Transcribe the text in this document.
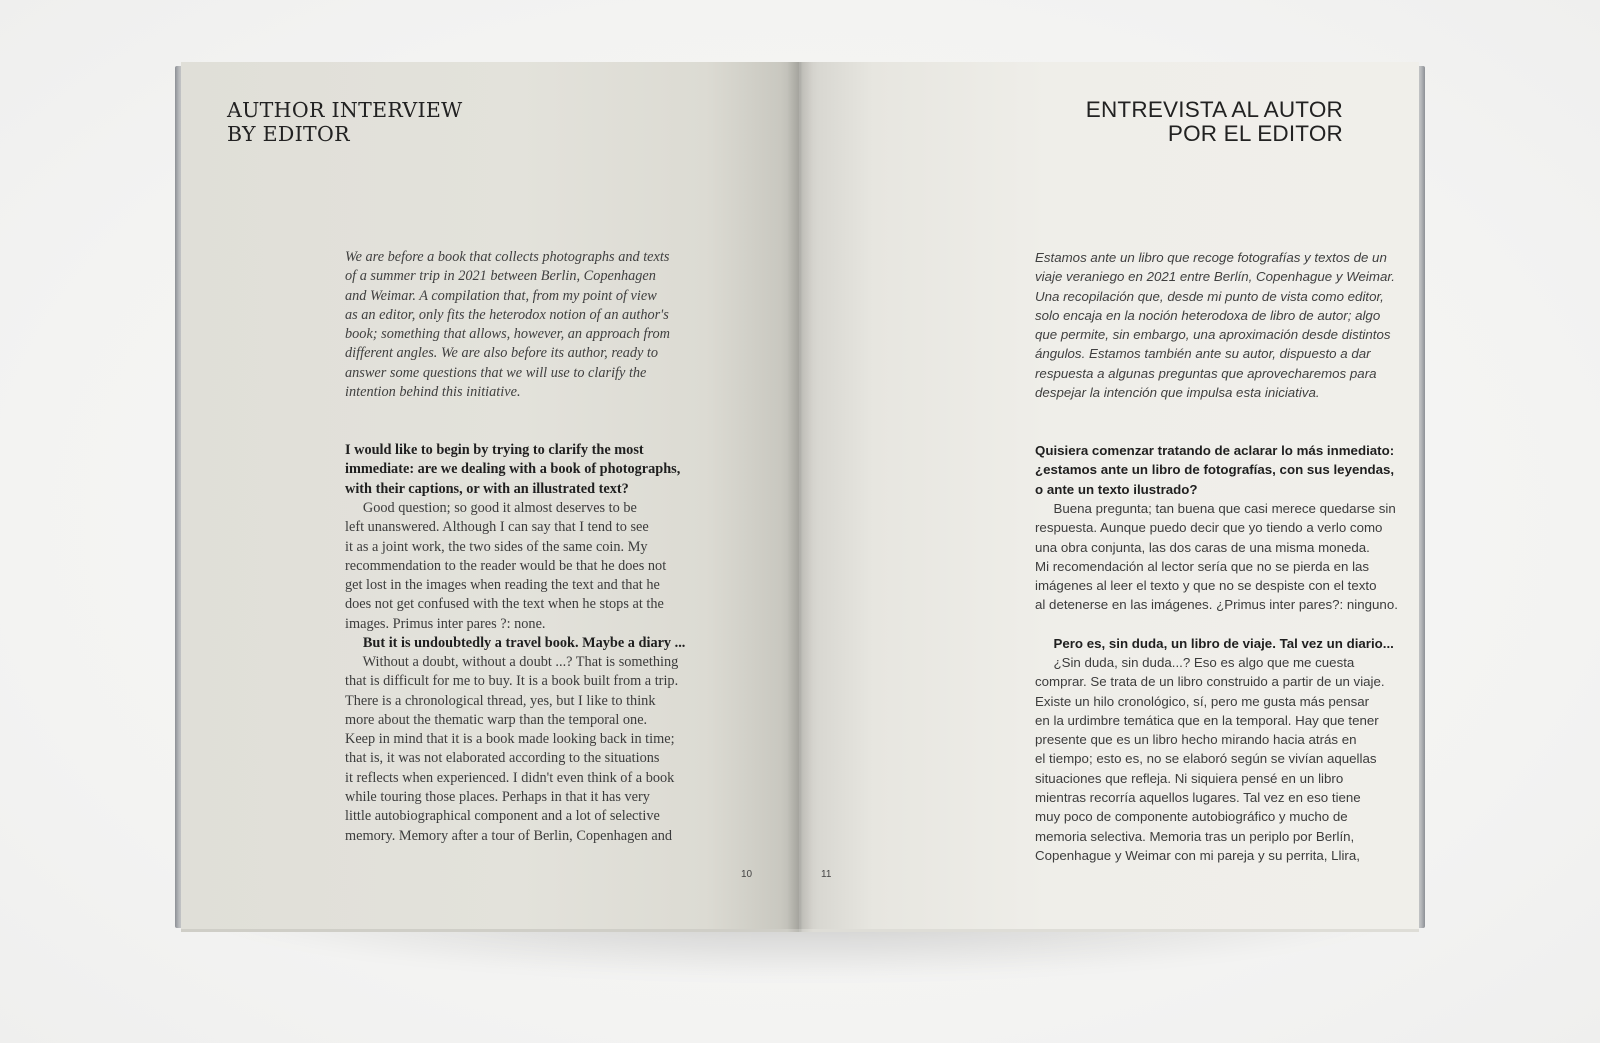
AUTHOR INTERVIEW
BY EDITOR
We are before a book that collects photographs and texts
of a summer trip in 2021 between Berlin, Copenhagen
and Weimar. A compilation that, from my point of view
as an editor, only fits the heterodox notion of an author's
book; something that allows, however, an approach from
different angles. We are also before its author, ready to
answer some questions that we will use to clarify the
intention behind this initiative.
I would like to begin by trying to clarify the most
immediate: are we dealing with a book of photographs,
with their captions, or with an illustrated text?
Good question; so good it almost deserves to be
left unanswered. Although I can say that I tend to see
it as a joint work, the two sides of the same coin. My
recommendation to the reader would be that he does not
get lost in the images when reading the text and that he
does not get confused with the text when he stops at the
images. Primus inter pares ?: none.
But it is undoubtedly a travel book. Maybe a diary ...
Without a doubt, without a doubt ...? That is something
that is difficult for me to buy. It is a book built from a trip.
There is a chronological thread, yes, but I like to think
more about the thematic warp than the temporal one.
Keep in mind that it is a book made looking back in time;
that is, it was not elaborated according to the situations
it reflects when experienced. I didn't even think of a book
while touring those places. Perhaps in that it has very
little autobiographical component and a lot of selective
memory. Memory after a tour of Berlin, Copenhagen and
10
ENTREVISTA AL AUTOR
POR EL EDITOR
Estamos ante un libro que recoge fotografías y textos de un
viaje veraniego en 2021 entre Berlín, Copenhague y Weimar.
Una recopilación que, desde mi punto de vista como editor,
solo encaja en la noción heterodoxa de libro de autor; algo
que permite, sin embargo, una aproximación desde distintos
ángulos. Estamos también ante su autor, dispuesto a dar
respuesta a algunas preguntas que aprovecharemos para
despejar la intención que impulsa esta iniciativa.
Quisiera comenzar tratando de aclarar lo más inmediato:
¿estamos ante un libro de fotografías, con sus leyendas,
o ante un texto ilustrado?
Buena pregunta; tan buena que casi merece quedarse sin
respuesta. Aunque puedo decir que yo tiendo a verlo como
una obra conjunta, las dos caras de una misma moneda.
Mi recomendación al lector sería que no se pierda en las
imágenes al leer el texto y que no se despiste con el texto
al detenerse en las imágenes. ¿Primus inter pares?: ninguno.
Pero es, sin duda, un libro de viaje. Tal vez un diario...
¿Sin duda, sin duda...? Eso es algo que me cuesta
comprar. Se trata de un libro construido a partir de un viaje.
Existe un hilo cronológico, sí, pero me gusta más pensar
en la urdimbre temática que en la temporal. Hay que tener
presente que es un libro hecho mirando hacia atrás en
el tiempo; esto es, no se elaboró según se vivían aquellas
situaciones que refleja. Ni siquiera pensé en un libro
mientras recorría aquellos lugares. Tal vez en eso tiene
muy poco de componente autobiográfico y mucho de
memoria selectiva. Memoria tras un periplo por Berlín,
Copenhague y Weimar con mi pareja y su perrita, Llira,
11
